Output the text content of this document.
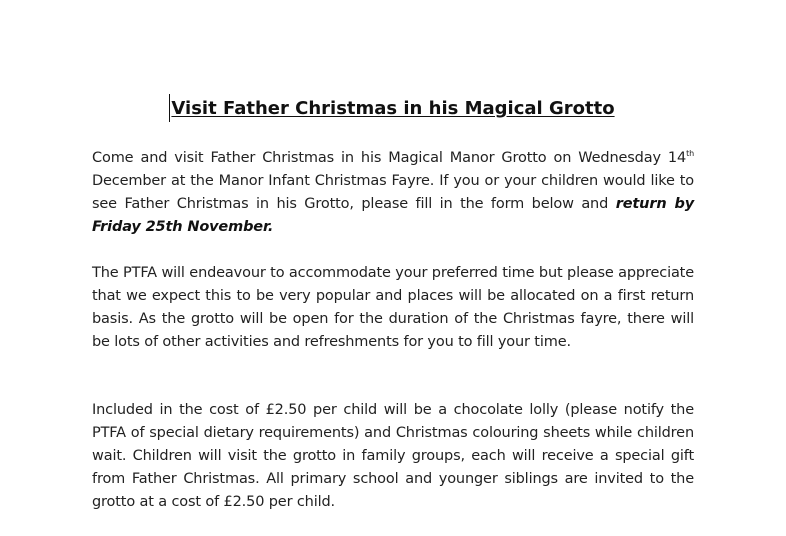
Visit Father Christmas in his Magical Grotto
Come and visit Father Christmas in his Magical Manor Grotto on Wednesday 14th December at the Manor Infant Christmas Fayre. If you or your children would like to see Father Christmas in his Grotto, please fill in the form below and return by Friday 25th November.
The PTFA will endeavour to accommodate your preferred time but please appreciate that we expect this to be very popular and places will be allocated on a first return basis. As the grotto will be open for the duration of the Christmas fayre, there will be lots of other activities and refreshments for you to fill your time.
Included in the cost of £2.50 per child will be a chocolate lolly (please notify the PTFA of special dietary requirements) and Christmas colouring sheets while children wait. Children will visit the grotto in family groups, each will receive a special gift from Father Christmas. All primary school and younger siblings are invited to the grotto at a cost of £2.50 per child.
